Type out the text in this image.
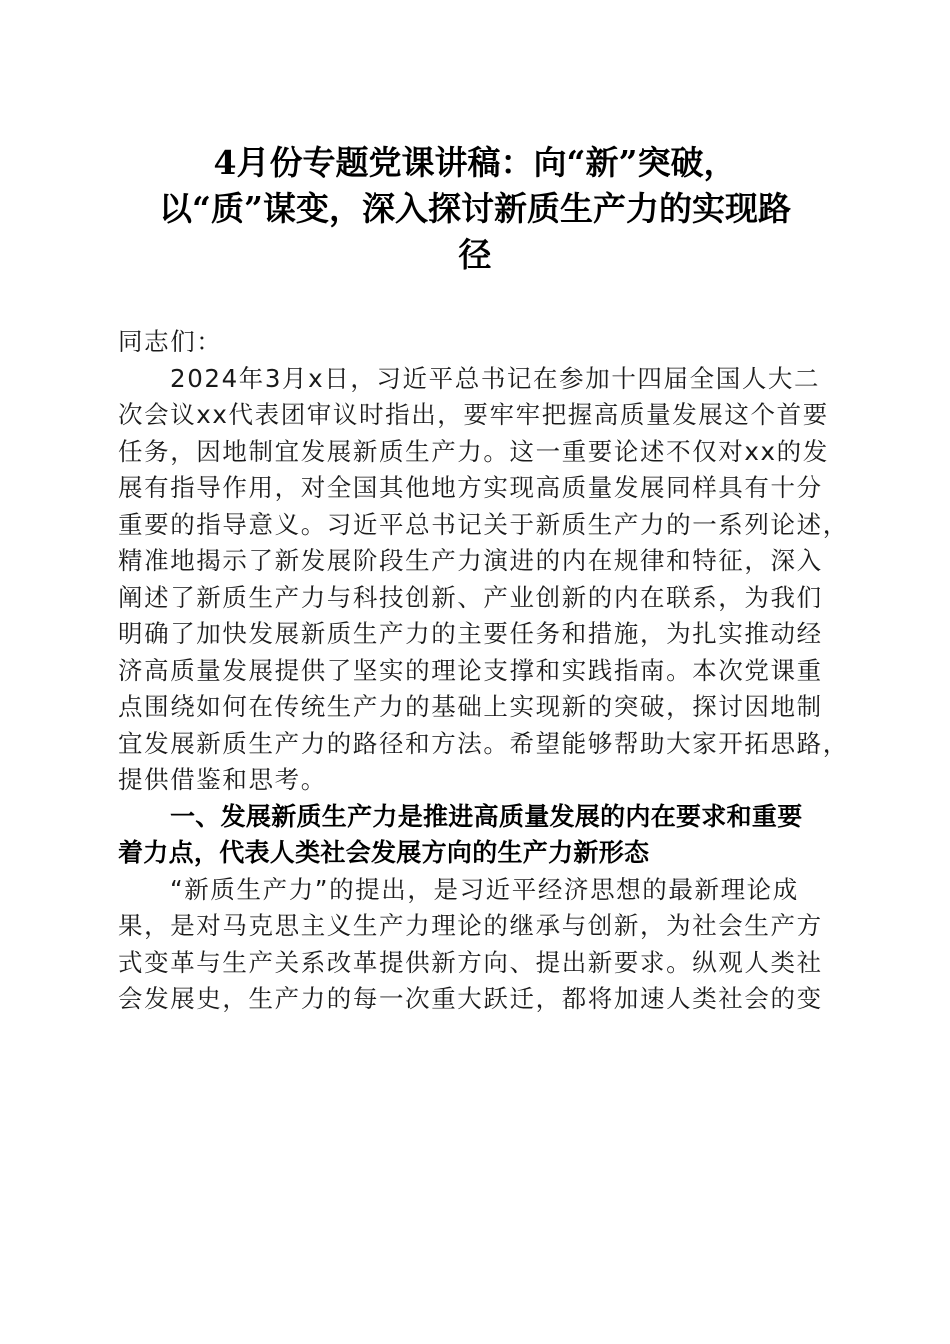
4月份专题党课讲稿：向“新”突破，
以“质”谋变，深入探讨新质生产力的实现路
径
同志们：
2024年3月x日，习近平总书记在参加十四届全国人大二
次会议xx代表团审议时指出，要牢牢把握高质量发展这个首要
任务，因地制宜发展新质生产力。这一重要论述不仅对xx的发
展有指导作用，对全国其他地方实现高质量发展同样具有十分
重要的指导意义。习近平总书记关于新质生产力的一系列论述，
精准地揭示了新发展阶段生产力演进的内在规律和特征，深入
阐述了新质生产力与科技创新、产业创新的内在联系，为我们
明确了加快发展新质生产力的主要任务和措施，为扎实推动经
济高质量发展提供了坚实的理论支撑和实践指南。本次党课重
点围绕如何在传统生产力的基础上实现新的突破，探讨因地制
宜发展新质生产力的路径和方法。希望能够帮助大家开拓思路，
提供借鉴和思考。
一、发展新质生产力是推进高质量发展的内在要求和重要
着力点，代表人类社会发展方向的生产力新形态
“新质生产力”的提出，是习近平经济思想的最新理论成
果，是对马克思主义生产力理论的继承与创新，为社会生产方
式变革与生产关系改革提供新方向、提出新要求。纵观人类社
会发展史，生产力的每一次重大跃迁，都将加速人类社会的变
